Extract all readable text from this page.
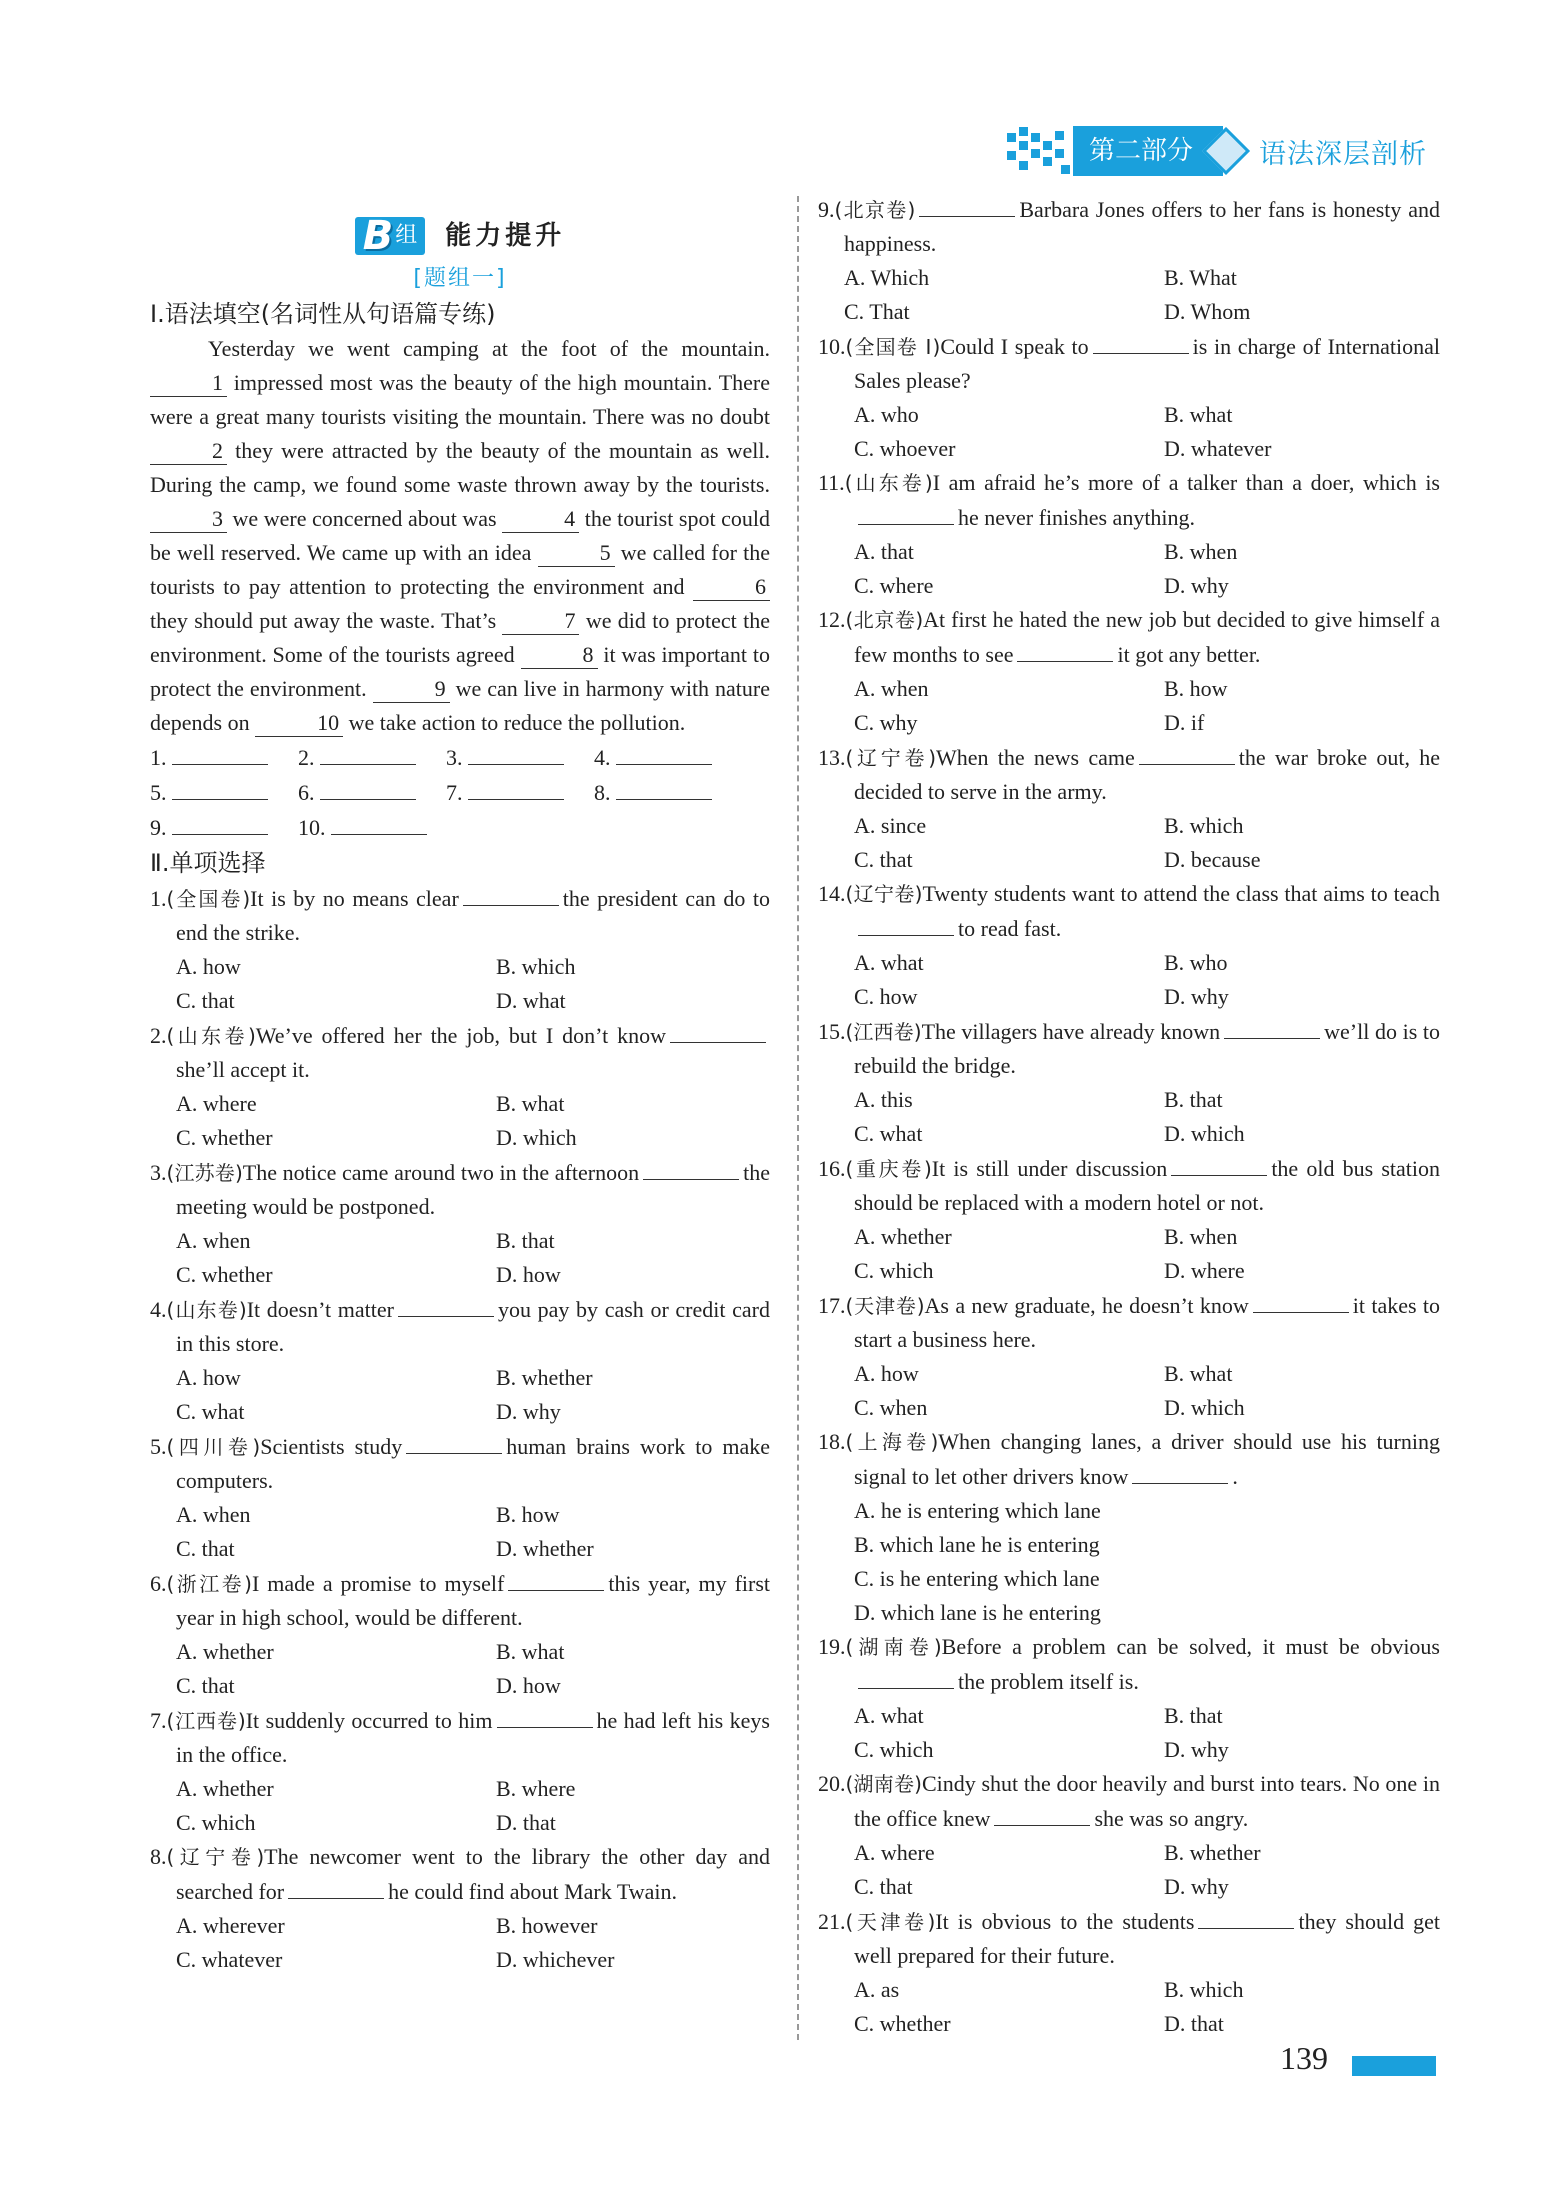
第二部分	语法深层剖析
B 组 能力提升
[题组一]
Ⅰ.语法填空(名词性从句语篇专练)

Yesterday we went camping at the foot of the mountain. 1 impressed most was the beauty of the high mountain. There were a great many tourists visiting the mountain. There was no doubt 2 they were attracted by the beauty of the mountain as well. During the camp, we found some waste thrown away by the tourists. 3 we were concerned about was	4 the tourist spot could be well reserved. We came up with an idea	5 we called for the tourists to pay attention to protecting the environment and	6 they should put away the waste. That’s	7 we did to protect the environment. Some of the tourists agreed	8 it was important to protect the environment.	9 we can live in harmony with nature depends on	10 we take action to reduce the pollution.

1.	2.	3.	4.
5.	6.	7.	8.
9.	10.
Ⅱ.单项选择
1.(全国卷)It is by no means clear	the president can do to end the strike.
A. how	B. which
C. that	D. what
2.(山东卷)We’ve offered her the job, but I don’t knowshe’ll accept it.
A. where	B. what
C. whether	D. which
3.(江苏卷)The notice came around two in the afternoon	the meeting would be postponed.
A. when	B. that
C. whether	D. how
4.(山东卷)It doesn’t matter	you pay by cash or credit card in this store.
A. how	B. whether
C. what	D. why
5.(四川卷)Scientists study	human brains work to make computers.
A. when	B. how
C. that	D. whether
6.(浙江卷)I made a promise to myself	this year, my first year in high school, would be different.
A. whether	B. what
C. that	D. how
7.(江西卷)It suddenly occurred to him	he had left his keys in the office.
A. whether	B. where
C. which	D. that
8.(辽宁卷)The newcomer went to the library the other day and searched for	he could find about Mark Twain.
A. wherever	B. however
C. whatever	D. whichever
9.(北京卷)	Barbara Jones offers to her fans is honesty and happiness.
A. Which	B. What
C. That	D. Whom
10.(全国卷 Ⅰ)Could I speak to	is in charge of International Sales please?
A. who	B. what
C. whoever	D. whatever
11.(山东卷)I am afraid he’s more of a talker than a doer, which ishe never finishes anything.
A. that	B. when
C. where	D. why
12.(北京卷)At first he hated the new job but decided to give himself a few months to see	it got any better.
A. when	B. how
C. why	D. if
13.(辽宁卷)When the news came	the war broke out, he decided to serve in the army.
A. since	B. which
C. that	D. because
14.(辽宁卷)Twenty students want to attend the class that aims to teachto read fast.
A. what	B. who
C. how	D. why
15.(江西卷)The villagers have already known	we’ll do is to rebuild the bridge.
A. this	B. that
C. what	D. which
16.(重庆卷)It is still under discussion	the old bus station should be replaced with a modern hotel or not.
A. whether	B. when
C. which	D. where
17.(天津卷)As a new graduate, he doesn’t know	it takes to start a business here.
A. how	B. what
C. when	D. which
18.(上海卷)When changing lanes, a driver should use his turning signal to let other drivers know	.
A. he is entering which lane
B. which lane he is entering
C. is he entering which lane
D. which lane is he entering
19.(湖南卷)Before a problem can be solved, it must be obviousthe problem itself is.
A. what	B. that
C. which	D. why
20.(湖南卷)Cindy shut the door heavily and burst into tears. No one in the office knew	she was so angry.
A. where	B. whether
C. that	D. why
21.(天津卷)It is obvious to the students	they should get well prepared for their future.
A. as	B. which
C. whether	D. that
139
